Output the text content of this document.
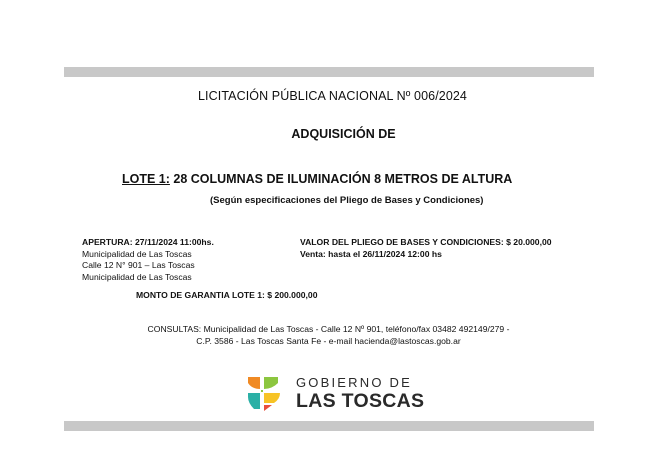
LICITACIÓN PÚBLICA NACIONAL Nº 006/2024
ADQUISICIÓN DE
LOTE 1: 28 COLUMNAS DE ILUMINACIÓN 8 METROS DE ALTURA
(Según especificaciones del Pliego de Bases y Condiciones)
APERTURA: 27/11/2024 11:00hs.
Municipalidad de Las Toscas
Calle 12 N° 901 – Las Toscas
Municipalidad de Las Toscas
VALOR DEL PLIEGO DE BASES Y CONDICIONES: $ 20.000,00
Venta: hasta el 26/11/2024 12:00 hs
MONTO DE GARANTIA LOTE 1: $ 200.000,00
CONSULTAS: Municipalidad de Las Toscas - Calle 12 Nº 901, teléfono/fax 03482 492149/279 -
C.P. 3586 - Las Toscas Santa Fe - e-mail hacienda@lastoscas.gob.ar
GOBIERNO DE
LAS TOSCAS
